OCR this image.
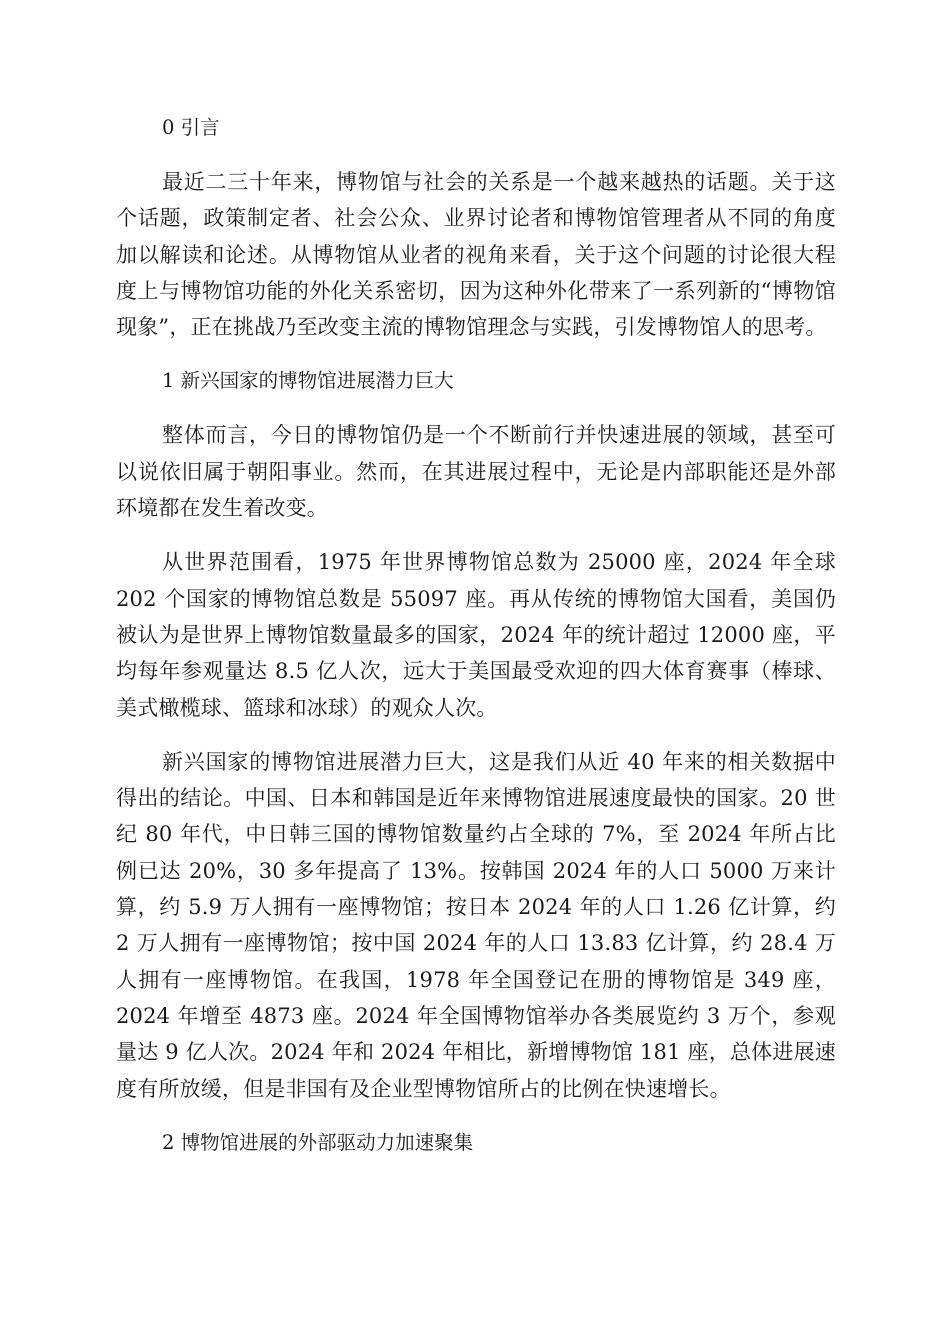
0 引言

最近二三十年来，博物馆与社会的关系是一个越来越热的话题。关于这个话题，政策制定者、社会公众、业界讨论者和博物馆管理者从不同的角度加以解读和论述。从博物馆从业者的视角来看，关于这个问题的讨论很大程度上与博物馆功能的外化关系密切，因为这种外化带来了一系列新的“博物馆现象”，正在挑战乃至改变主流的博物馆理念与实践，引发博物馆人的思考。

1 新兴国家的博物馆进展潜力巨大

整体而言，今日的博物馆仍是一个不断前行并快速进展的领域，甚至可以说依旧属于朝阳事业。然而，在其进展过程中，无论是内部职能还是外部环境都在发生着改变。

从世界范围看，1975 年世界博物馆总数为 25000 座，2024 年全球 202 个国家的博物馆总数是 55097 座。再从传统的博物馆大国看，美国仍被认为是世界上博物馆数量最多的国家，2024 年的统计超过 12000 座，平均每年参观量达 8.5 亿人次，远大于美国最受欢迎的四大体育赛事（棒球、美式橄榄球、篮球和冰球）的观众人次。

新兴国家的博物馆进展潜力巨大，这是我们从近 40 年来的相关数据中得出的结论。中国、日本和韩国是近年来博物馆进展速度最快的国家。20 世纪 80 年代，中日韩三国的博物馆数量约占全球的 7%，至 2024 年所占比例已达 20%，30 多年提高了 13%。按韩国 2024 年的人口 5000 万来计算，约 5.9 万人拥有一座博物馆；按日本 2024 年的人口 1.26 亿计算，约 2 万人拥有一座博物馆；按中国 2024 年的人口 13.83 亿计算，约 28.4 万人拥有一座博物馆。在我国，1978 年全国登记在册的博物馆是 349 座，2024 年增至 4873 座。2024 年全国博物馆举办各类展览约 3 万个，参观量达 9 亿人次。2024 年和 2024 年相比，新增博物馆 181 座，总体进展速度有所放缓，但是非国有及企业型博物馆所占的比例在快速增长。

2 博物馆进展的外部驱动力加速聚集
